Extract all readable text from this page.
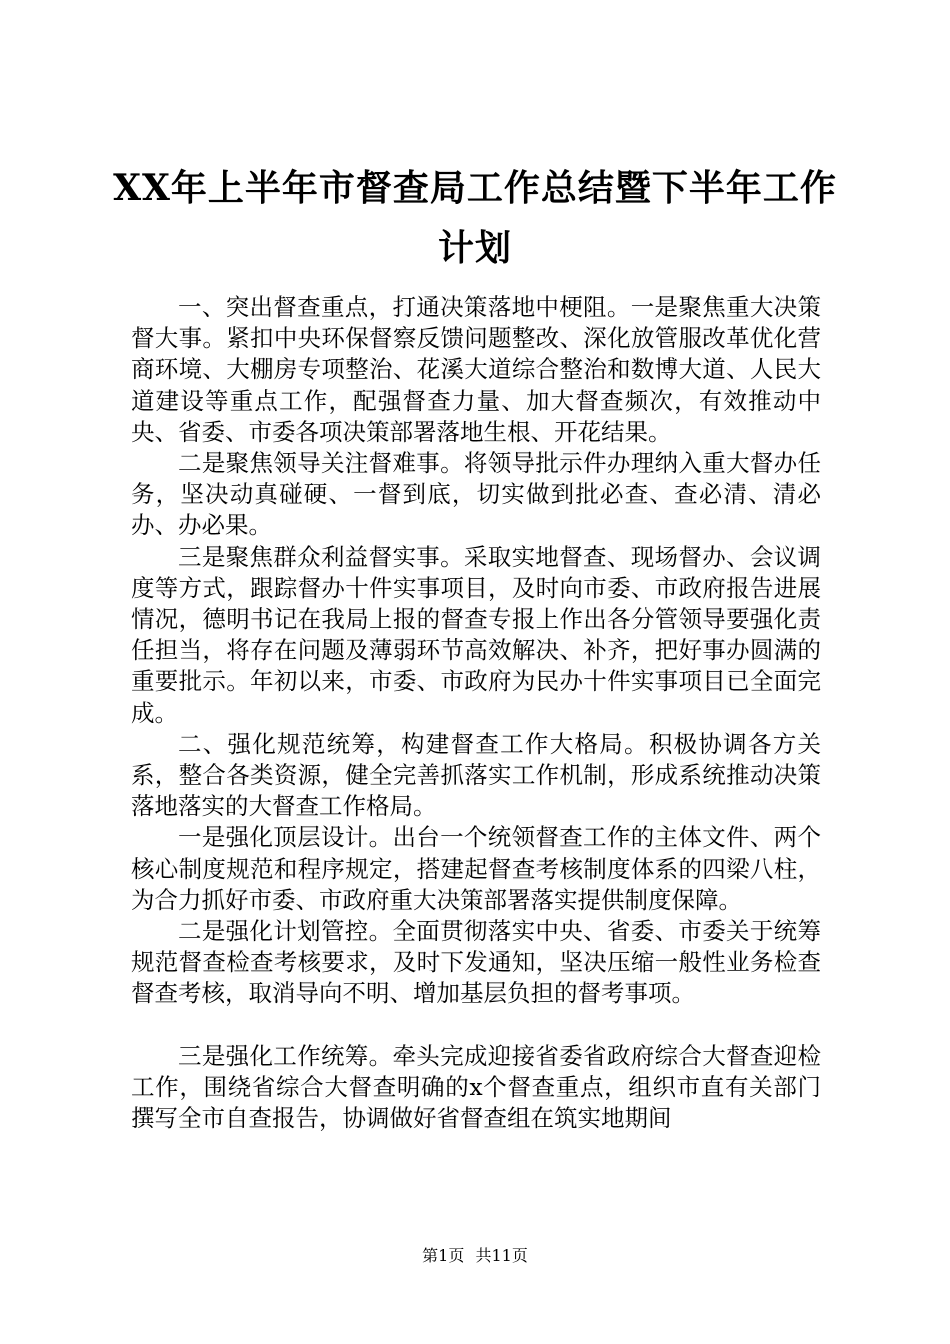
XX年上半年市督查局工作总结暨下半年工作
计划

一、突出督查重点，打通决策落地中梗阻。一是聚焦重大决策督大事。紧扣中央环保督察反馈问题整改、深化放管服改革优化营商环境、大棚房专项整治、花溪大道综合整治和数博大道、人民大道建设等重点工作，配强督查力量、加大督查频次，有效推动中央、省委、市委各项决策部署落地生根、开花结果。

二是聚焦领导关注督难事。将领导批示件办理纳入重大督办任务，坚决动真碰硬、一督到底，切实做到批必查、查必清、清必办、办必果。

三是聚焦群众利益督实事。采取实地督查、现场督办、会议调度等方式，跟踪督办十件实事项目，及时向市委、市政府报告进展情况，德明书记在我局上报的督查专报上作出各分管领导要强化责任担当，将存在问题及薄弱环节高效解决、补齐，把好事办圆满的重要批示。年初以来，市委、市政府为民办十件实事项目已全面完成。

二、强化规范统筹，构建督查工作大格局。积极协调各方关系，整合各类资源，健全完善抓落实工作机制，形成系统推动决策落地落实的大督查工作格局。

一是强化顶层设计。出台一个统领督查工作的主体文件、两个核心制度规范和程序规定，搭建起督查考核制度体系的四梁八柱，为合力抓好市委、市政府重大决策部署落实提供制度保障。

二是强化计划管控。全面贯彻落实中央、省委、市委关于统筹规范督查检查考核要求，及时下发通知，坚决压缩一般性业务检查督查考核，取消导向不明、增加基层负担的督考事项。

三是强化工作统筹。牵头完成迎接省委省政府综合大督查迎检工作，围绕省综合大督查明确的x个督查重点，组织市直有关部门撰写全市自查报告，协调做好省督查组在筑实地期间

第1页 共11页
